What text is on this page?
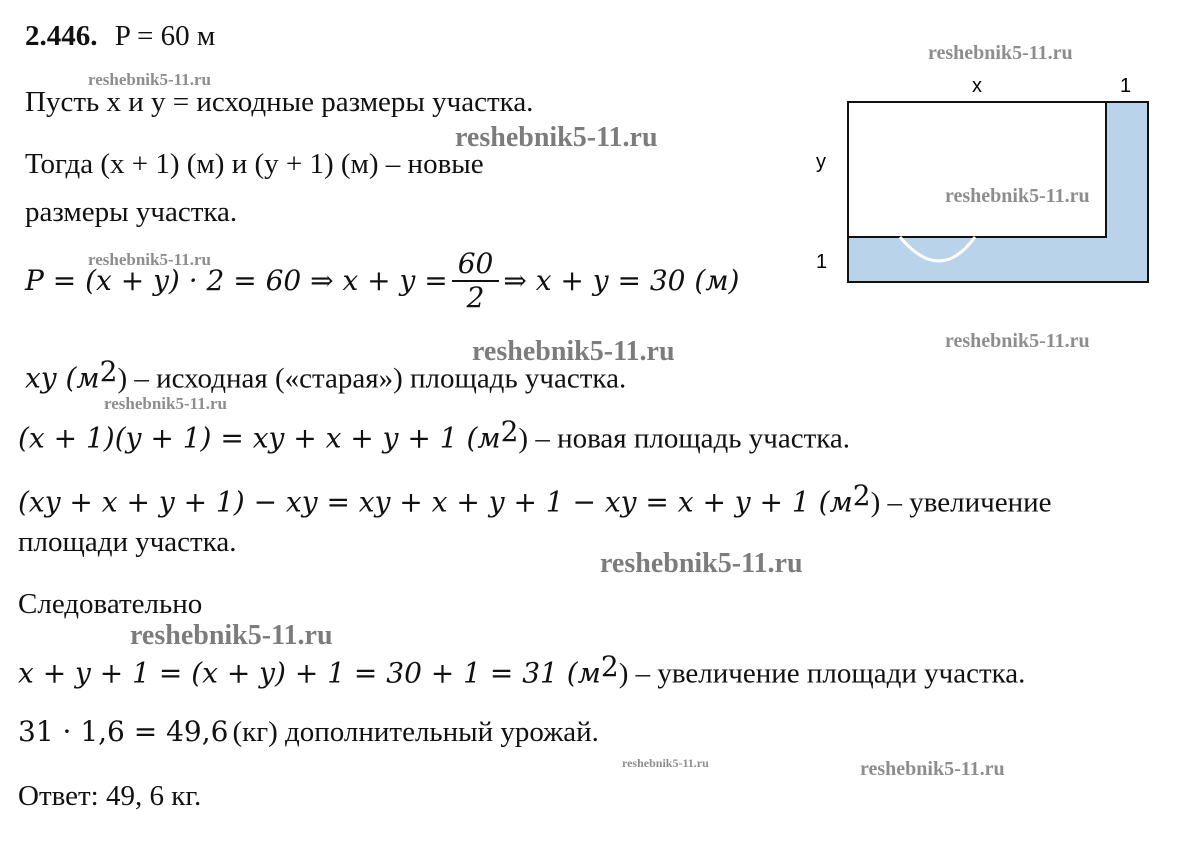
2.446. P = 60 м
Пусть x и y = исходные размеры участка.
Тогда (x + 1) (м) и (y + 1) (м) – новые
размеры участка.
P = (x + y) · 2 = 60 ⇒ $x + y = \frac{60}{2}$ ⇒ x + y = 30 (м)
xy $(м^2)$ – исходная («старая») площадь участка.
(x + 1)(y + 1) = xy + x + y + 1 $(м^2)$ – новая площадь участка.
(xy + x + y + 1) − xy = xy + x + y + 1 − xy = x + y + 1 $(м^2)$ – увеличение
площади участка.
Следовательно
x + y + 1 = (x + y) + 1 = 30 + 1 = 31 $(м^2)$ – увеличение площади участка.
31 · 1,6 = 49,6 (кг) дополнительный урожай.
Ответ: 49, 6 кг.
x	1
y
1
reshebnik5-11.ru
reshebnik5-11.ru
reshebnik5-11.ru
reshebnik5-11.ru
reshebnik5-11.ru
reshebnik5-11.ru
reshebnik5-11.ru
reshebnik5-11.ru
reshebnik5-11.ru
reshebnik5-11.ru
reshebnik5-11.ru	reshebnik5-11.ru
